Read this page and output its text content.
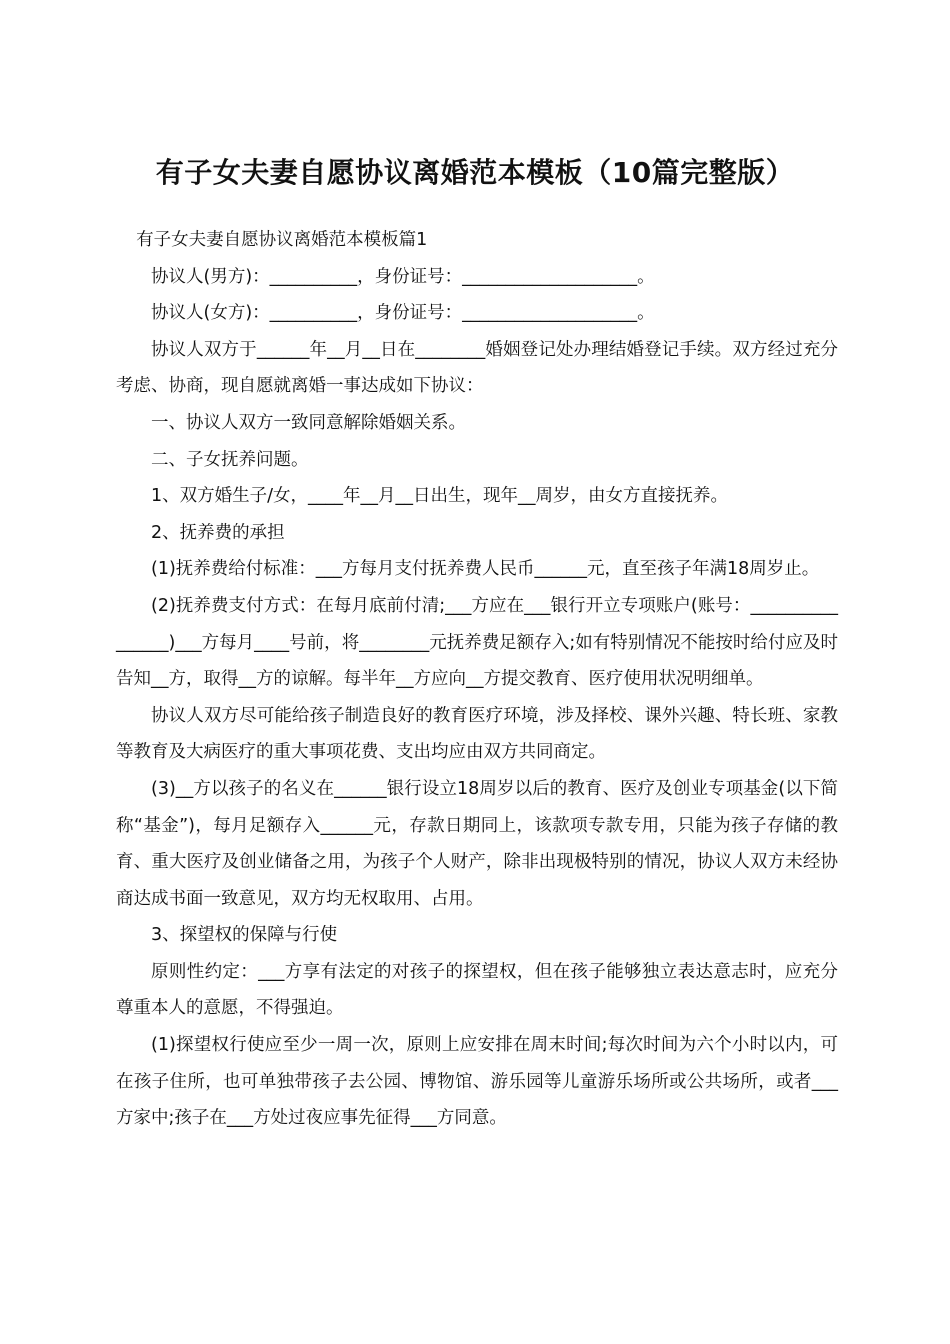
有子女夫妻自愿协议离婚范本模板（10篇完整版）

有子女夫妻自愿协议离婚范本模板篇1

协议人(男方)：__________，身份证号：____________________。

协议人(女方)：__________，身份证号：____________________。

协议人双方于______年__月__日在________婚姻登记处办理结婚登记手续。双方经过充分考虑、协商，现自愿就离婚一事达成如下协议：

一、协议人双方一致同意解除婚姻关系。

二、子女抚养问题。

1、双方婚生子/女，____年__月__日出生，现年__周岁，由女方直接抚养。

2、抚养费的承担

(1)抚养费给付标准：___方每月支付抚养费人民币______元，直至孩子年满18周岁止。

(2)抚养费支付方式：在每月底前付清;___方应在___银行开立专项账户(账号：________________)___方每月____号前，将________元抚养费足额存入;如有特别情况不能按时给付应及时告知__方，取得__方的谅解。每半年__方应向__方提交教育、医疗使用状况明细单。

协议人双方尽可能给孩子制造良好的教育医疗环境，涉及择校、课外兴趣、特长班、家教等教育及大病医疗的重大事项花费、支出均应由双方共同商定。

(3)__方以孩子的名义在______银行设立18周岁以后的教育、医疗及创业专项基金(以下简称“基金”)，每月足额存入______元，存款日期同上，该款项专款专用，只能为孩子存储的教育、重大医疗及创业储备之用，为孩子个人财产，除非出现极特别的情况，协议人双方未经协商达成书面一致意见，双方均无权取用、占用。

3、探望权的保障与行使

原则性约定：___方享有法定的对孩子的探望权，但在孩子能够独立表达意志时，应充分尊重本人的意愿，不得强迫。

(1)探望权行使应至少一周一次，原则上应安排在周末时间;每次时间为六个小时以内，可在孩子住所，也可单独带孩子去公园、博物馆、游乐园等儿童游乐场所或公共场所，或者___方家中;孩子在___方处过夜应事先征得___方同意。
